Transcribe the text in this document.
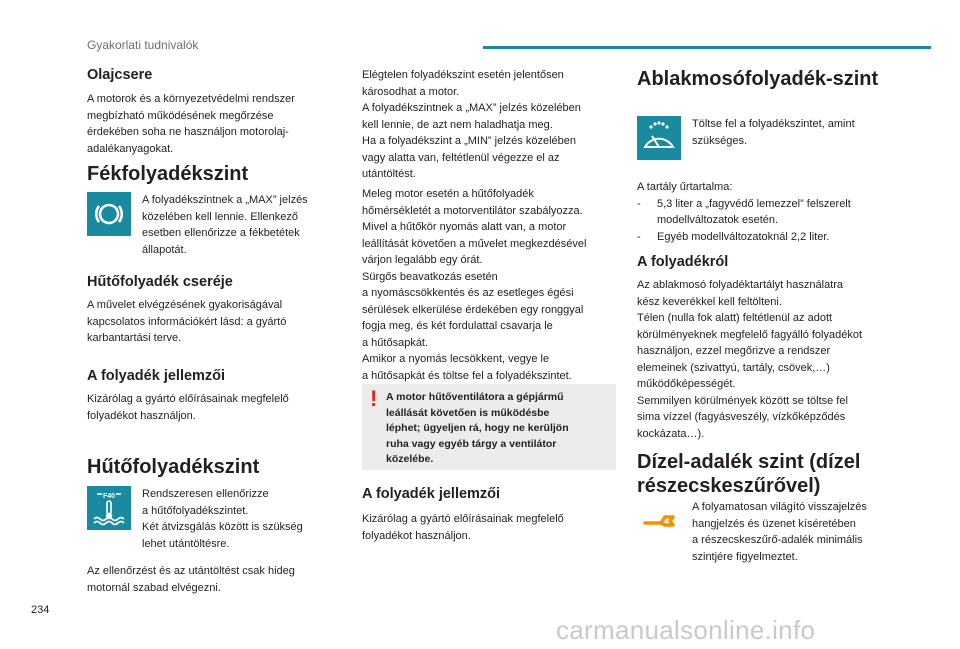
Gyakorlati tudnivalók
Olajcsere

A motorok és a környezetvédelmi rendszer
megbízható működésének megőrzése
érdekében soha ne használjon motorolaj-
adalékanyagokat.

Fékfolyadékszint

A folyadékszintnek a „MAX” jelzés
közelében kell lennie. Ellenkező
esetben ellenőrizze a fékbetétek
állapotát.

Hűtőfolyadék cseréje

A művelet elvégzésének gyakoriságával
kapcsolatos információkért lásd: a gyártó
karbantartási terve.

A folyadék jellemzői

Kizárólag a gyártó előírásainak megfelelő
folyadékot használjon.

Hűtőfolyadékszint
F40 Rendszeresen ellenőrizze
a hűtőfolyadékszintet.
Két átvizsgálás között is szükség
lehet utántöltésre.

Az ellenőrzést és az utántöltést csak hideg
motornál szabad elvégezni.

Elégtelen folyadékszint esetén jelentősen
károsodhat a motor.
A folyadékszintnek a „MAX” jelzés közelében
kell lennie, de azt nem haladhatja meg.
Ha a folyadékszint a „MIN” jelzés közelében
vagy alatta van, feltétlenül végezze el az
utántöltést.

Meleg motor esetén a hűtőfolyadék
hőmérsékletét a motorventilátor szabályozza.
Mivel a hűtőkör nyomás alatt van, a motor
leállítását követően a művelet megkezdésével
várjon legalább egy órát.
Sürgős beavatkozás esetén
a nyomáscsökkentés és az esetleges égési
sérülések elkerülése érdekében egy ronggyal
fogja meg, és két fordulattal csavarja le
a hűtősapkát.
Amikor a nyomás lecsökkent, vegye le
a hűtősapkát és töltse fel a folyadékszintet.

! A motor hűtőventilátora a gépjármű
leállását követően is működésbe
léphet; ügyeljen rá, hogy ne kerüljön
ruha vagy egyéb tárgy a ventilátor
közelébe.
A folyadék jellemzői

Kizárólag a gyártó előírásainak megfelelő
folyadékot használjon.

Ablakmosófolyadék-szint

Töltse fel a folyadékszintet, amint
szükséges.

A tartály űrtartalma:

- 5,3 liter a „fagyvédő lemezzel” felszerelt
modellváltozatok esetén.

- Egyéb modellváltozatoknál 2,2 liter.

A folyadékról

Az ablakmosó folyadéktartályt használatra
kész keverékkel kell feltölteni.
Télen (nulla fok alatt) feltétlenül az adott
körülményeknek megfelelő fagyálló folyadékot
használjon, ezzel megőrizve a rendszer
elemeinek (szivattyú, tartály, csövek,…)
működőképességét.
Semmilyen körülmények között se töltse fel
sima vízzel (fagyásveszély, vízkőképződés
kockázata…).

Dízel-adalék szint (dízel
részecskeszűrővel)

A folyamatosan világító visszajelzés
hangjelzés és üzenet kíséretében
a részecskeszűrő-adalék minimális
szintjére figyelmeztet.

234
carmanualsonline.info
